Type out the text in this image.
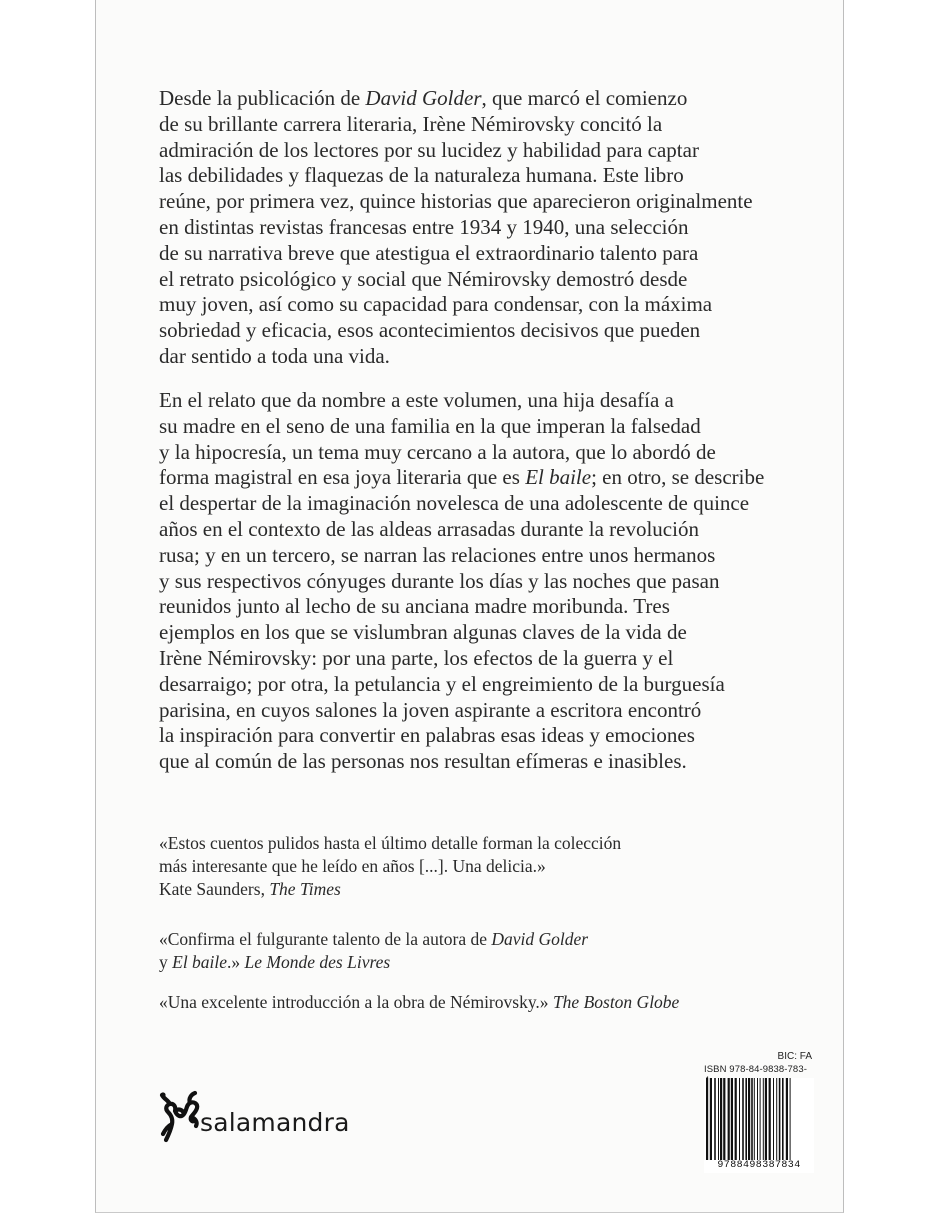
Desde la publicación de David Golder, que marcó el comienzo
de su brillante carrera literaria, Irène Némirovsky concitó la
admiración de los lectores por su lucidez y habilidad para captar
las debilidades y flaquezas de la naturaleza humana. Este libro
reúne, por primera vez, quince historias que aparecieron originalmente
en distintas revistas francesas entre 1934 y 1940, una selección
de su narrativa breve que atestigua el extraordinario talento para
el retrato psicológico y social que Némirovsky demostró desde
muy joven, así como su capacidad para condensar, con la máxima
sobriedad y eficacia, esos acontecimientos decisivos que pueden
dar sentido a toda una vida.
En el relato que da nombre a este volumen, una hija desafía a
su madre en el seno de una familia en la que imperan la falsedad
y la hipocresía, un tema muy cercano a la autora, que lo abordó de
forma magistral en esa joya literaria que es El baile; en otro, se describe
el despertar de la imaginación novelesca de una adolescente de quince
años en el contexto de las aldeas arrasadas durante la revolución
rusa; y en un tercero, se narran las relaciones entre unos hermanos
y sus respectivos cónyuges durante los días y las noches que pasan
reunidos junto al lecho de su anciana madre moribunda. Tres
ejemplos en los que se vislumbran algunas claves de la vida de
Irène Némirovsky: por una parte, los efectos de la guerra y el
desarraigo; por otra, la petulancia y el engreimiento de la burguesía
parisina, en cuyos salones la joven aspirante a escritora encontró
la inspiración para convertir en palabras esas ideas y emociones
que al común de las personas nos resultan efímeras e inasibles.
«Estos cuentos pulidos hasta el último detalle forman la colección
más interesante que he leído en años [...]. Una delicia.»
Kate Saunders, The Times
«Confirma el fulgurante talento de la autora de David Golder
y El baile.» Le Monde des Livres
«Una excelente introducción a la obra de Némirovsky.» The Boston Globe
salamandra
BIC: FA
ISBN 978-84-9838-783-
9788498387834
